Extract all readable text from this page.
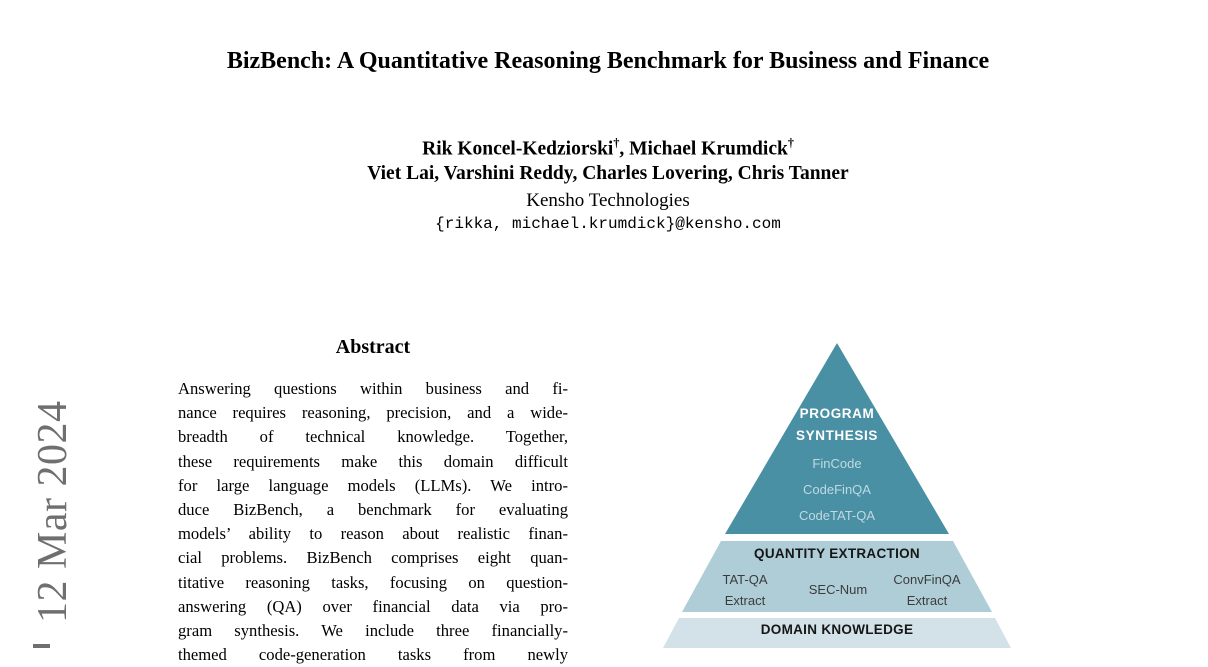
12 Mar 2024
BizBench: A Quantitative Reasoning Benchmark for Business and Finance
Rik Koncel-Kedziorski†, Michael Krumdick†
Viet Lai, Varshini Reddy, Charles Lovering, Chris Tanner
Kensho Technologies
{rikka, michael.krumdick}@kensho.com
Abstract
Answering questions within business and fi-
nance requires reasoning, precision, and a wide-
breadth of technical knowledge. Together,
these requirements make this domain difficult
for large language models (LLMs). We intro-
duce BizBench, a benchmark for evaluating
models’ ability to reason about realistic finan-
cial problems. BizBench comprises eight quan-
titative reasoning tasks, focusing on question-
answering (QA) over financial data via pro-
gram synthesis. We include three financially-
themed code-generation tasks from newly
PROGRAM
SYNTHESIS
FinCode
CodeFinQA
CodeTAT-QA
QUANTITY EXTRACTION
TAT-QA
Extract
SEC-Num
ConvFinQA
Extract
DOMAIN KNOWLEDGE
